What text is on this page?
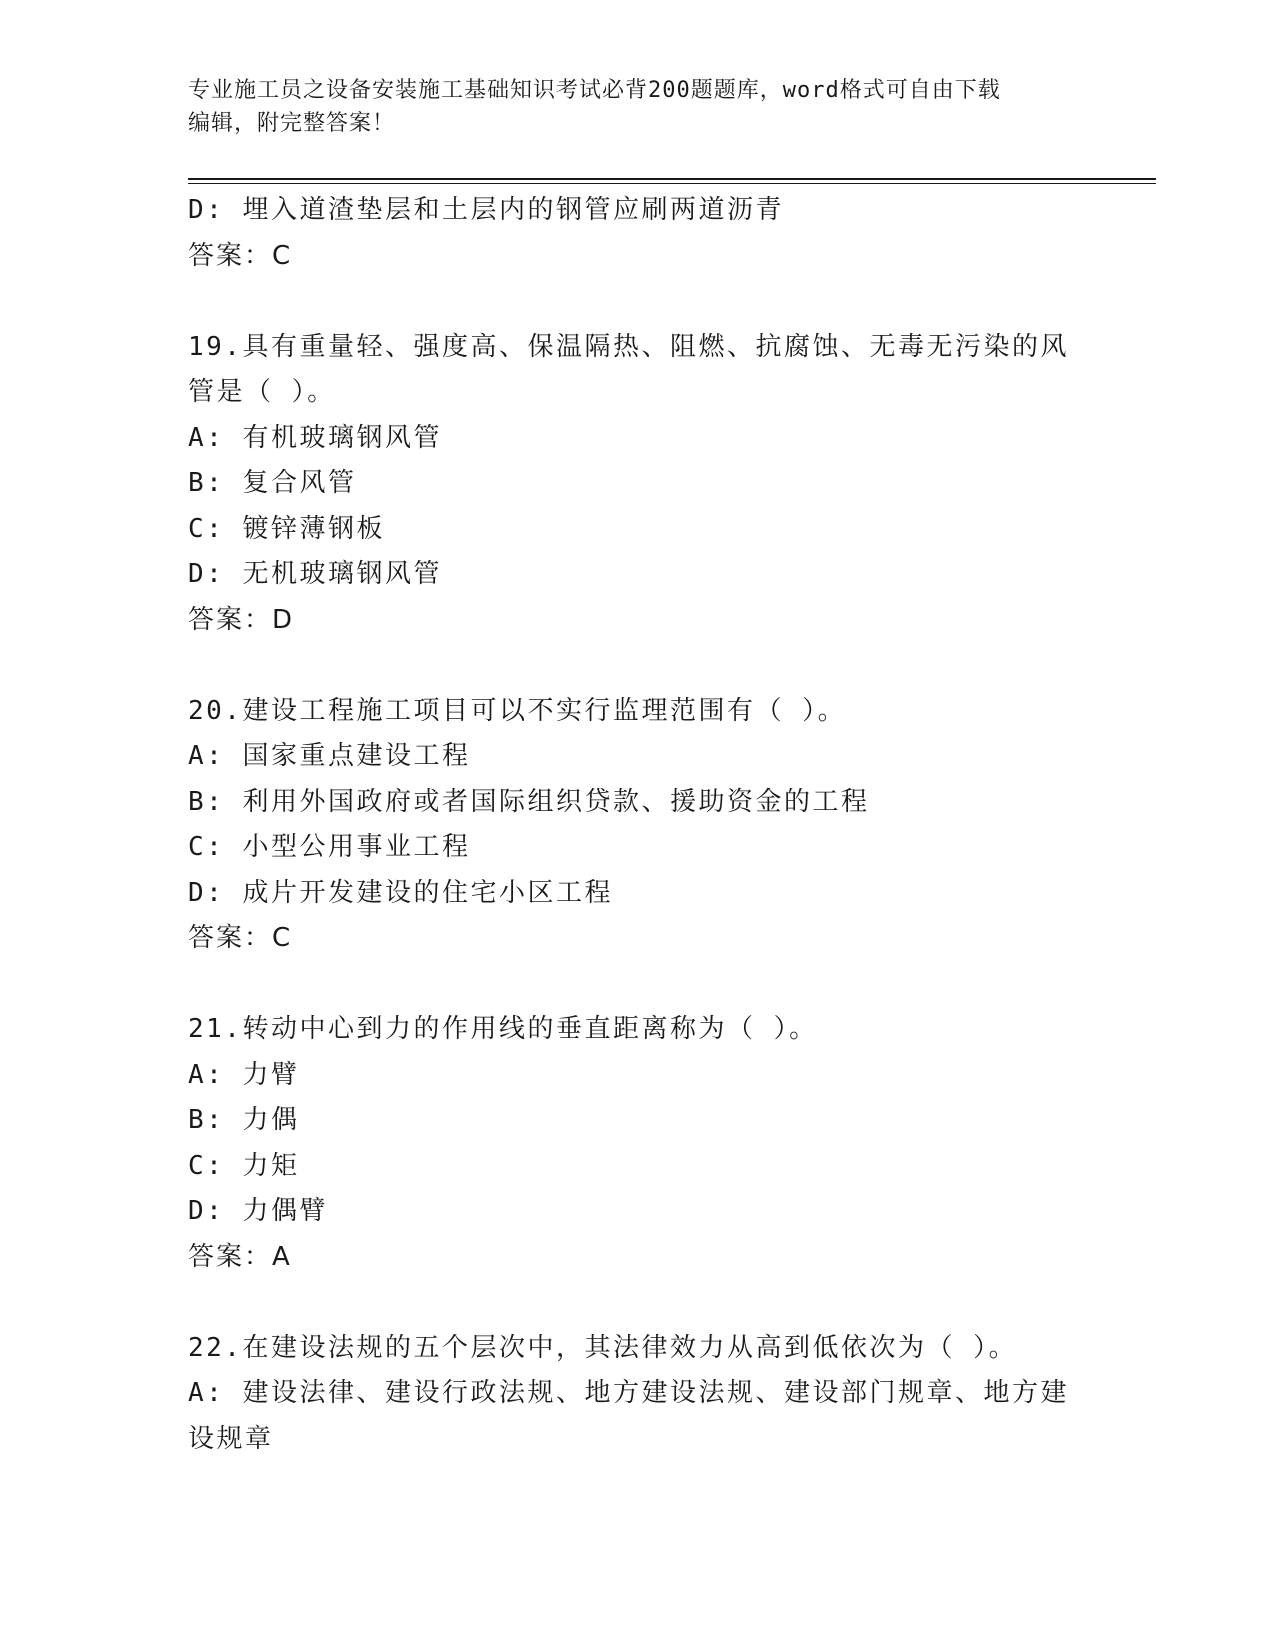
专业施工员之设备安装施工基础知识考试必背200题题库，word格式可自由下载

编辑，附完整答案！

D: 埋入道渣垫层和土层内的钢管应刷两道沥青

答案：C

19.具有重量轻、强度高、保温隔热、阻燃、抗腐蚀、无毒无污染的风

管是（ ）。

A: 有机玻璃钢风管

B: 复合风管

C: 镀锌薄钢板

D: 无机玻璃钢风管

答案：D

20.建设工程施工项目可以不实行监理范围有（ ）。

A: 国家重点建设工程

B: 利用外国政府或者国际组织贷款、援助资金的工程

C: 小型公用事业工程

D: 成片开发建设的住宅小区工程

答案：C

21.转动中心到力的作用线的垂直距离称为（ ）。

A: 力臂

B: 力偶

C: 力矩

D: 力偶臂

答案：A

22.在建设法规的五个层次中，其法律效力从高到低依次为（ ）。

A: 建设法律、建设行政法规、地方建设法规、建设部门规章、地方建

设规章
